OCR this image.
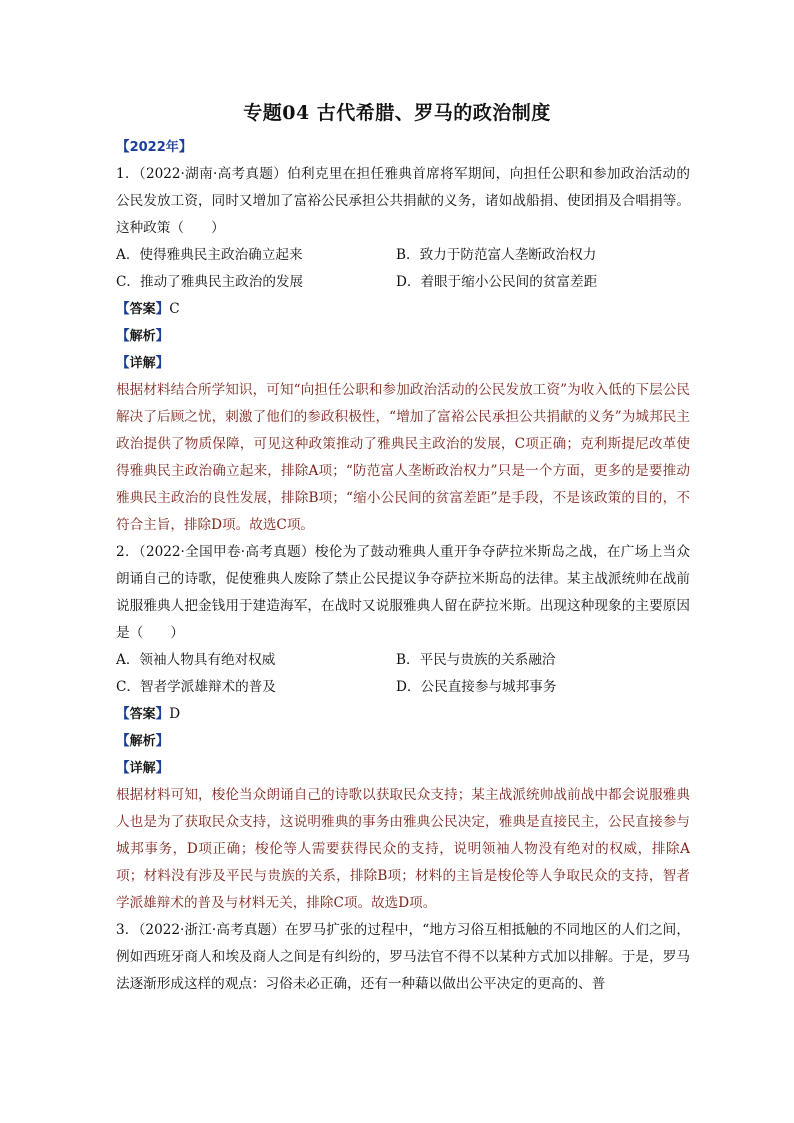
专题04 古代希腊、罗马的政治制度
【2022年】
1．（2022·湖南·高考真题）伯利克里在担任雅典首席将军期间，向担任公职和参加政治活动的公民发放工资，同时又增加了富裕公民承担公共捐献的义务，诸如战船捐、使团捐及合唱捐等。这种政策（　　）
A．使得雅典民主政治确立起来	B．致力于防范富人垄断政治权力
C．推动了雅典民主政治的发展	D．着眼于缩小公民间的贫富差距
【答案】C
【解析】
【详解】
根据材料结合所学知识，可知“向担任公职和参加政治活动的公民发放工资”为收入低的下层公民解决了后顾之忧，刺激了他们的参政积极性，“增加了富裕公民承担公共捐献的义务”为城邦民主政治提供了物质保障，可见这种政策推动了雅典民主政治的发展，C项正确；克利斯提尼改革使得雅典民主政治确立起来，排除A项；“防范富人垄断政治权力”只是一个方面，更多的是要推动雅典民主政治的良性发展，排除B项；“缩小公民间的贫富差距”是手段，不是该政策的目的，不符合主旨，排除D项。故选C项。
2．（2022·全国甲卷·高考真题）梭伦为了鼓动雅典人重开争夺萨拉米斯岛之战，在广场上当众朗诵自己的诗歌，促使雅典人废除了禁止公民提议争夺萨拉米斯岛的法律。某主战派统帅在战前说服雅典人把金钱用于建造海军，在战时又说服雅典人留在萨拉米斯。出现这种现象的主要原因是（　　）
A．领袖人物具有绝对权威	B．平民与贵族的关系融洽
C．智者学派雄辩术的普及	D．公民直接参与城邦事务
【答案】D
【解析】
【详解】
根据材料可知，梭伦当众朗诵自己的诗歌以获取民众支持；某主战派统帅战前战中都会说服雅典人也是为了获取民众支持，这说明雅典的事务由雅典公民决定，雅典是直接民主，公民直接参与城邦事务，D项正确；梭伦等人需要获得民众的支持，说明领袖人物没有绝对的权威，排除A项；材料没有涉及平民与贵族的关系，排除B项；材料的主旨是梭伦等人争取民众的支持，智者学派雄辩术的普及与材料无关，排除C项。故选D项。
3．（2022·浙江·高考真题）在罗马扩张的过程中，“地方习俗互相抵触的不同地区的人们之间，例如西班牙商人和埃及商人之间是有纠纷的，罗马法官不得不以某种方式加以排解。于是，罗马法逐渐形成这样的观点：习俗未必正确，还有一种藉以做出公平决定的更高的、普
